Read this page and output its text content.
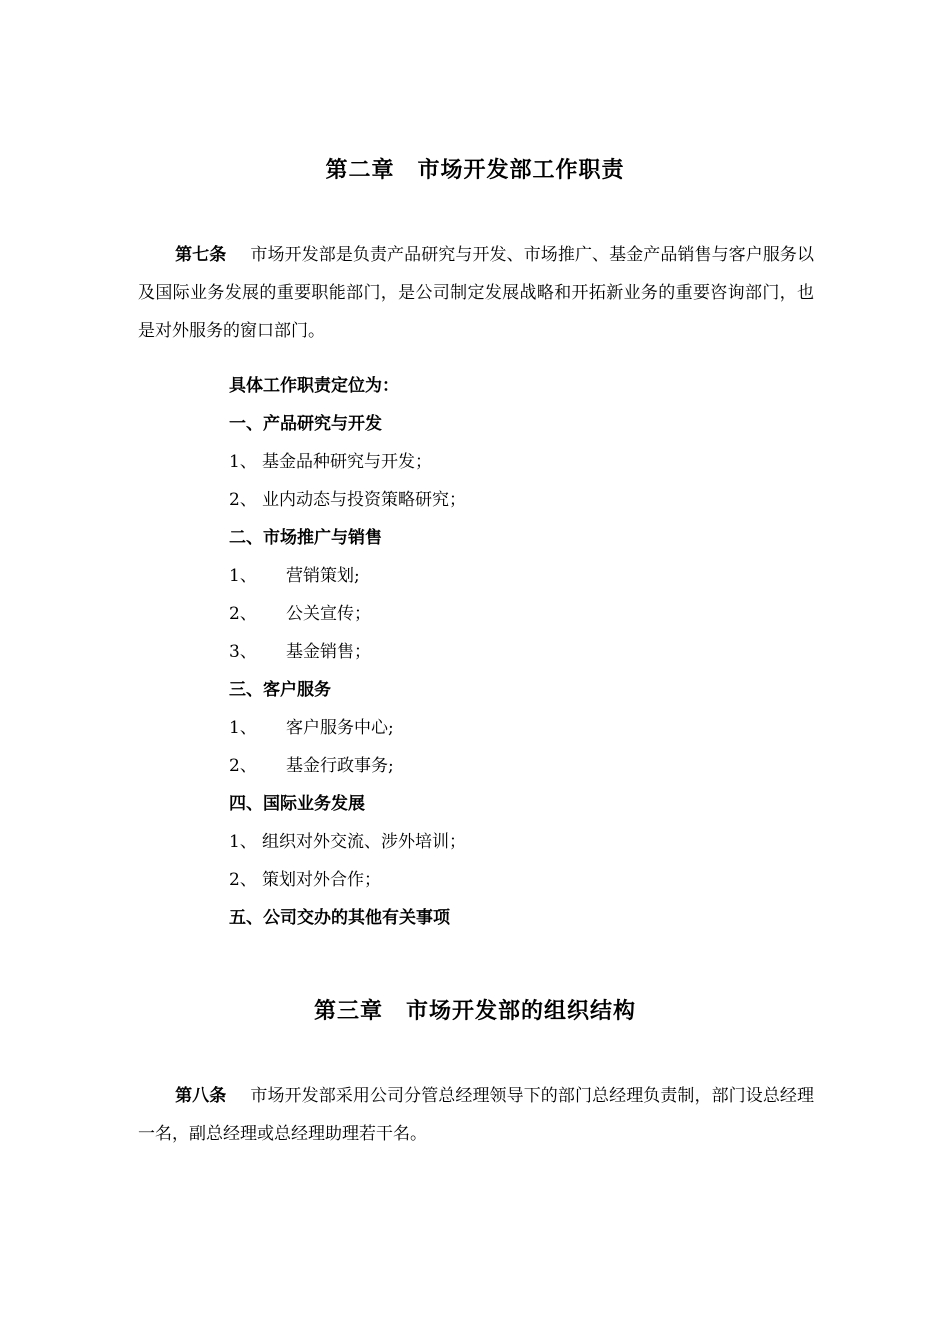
第二章　市场开发部工作职责
第七条 市场开发部是负责产品研究与开发、市场推广、基金产品销售与客户服务以及国际业务发展的重要职能部门，是公司制定发展战略和开拓新业务的重要咨询部门，也是对外服务的窗口部门。
具体工作职责定位为：
一、产品研究与开发
1、 基金品种研究与开发；
2、 业内动态与投资策略研究；
二、市场推广与销售
1、 营销策划;
2、 公关宣传；
3、 基金销售；
三、客户服务
1、 客户服务中心;
2、 基金行政事务;
四、国际业务发展
1、 组织对外交流、涉外培训；
2、 策划对外合作；
五、公司交办的其他有关事项
第三章　市场开发部的组织结构
第八条 市场开发部采用公司分管总经理领导下的部门总经理负责制，部门设总经理一名，副总经理或总经理助理若干名。
